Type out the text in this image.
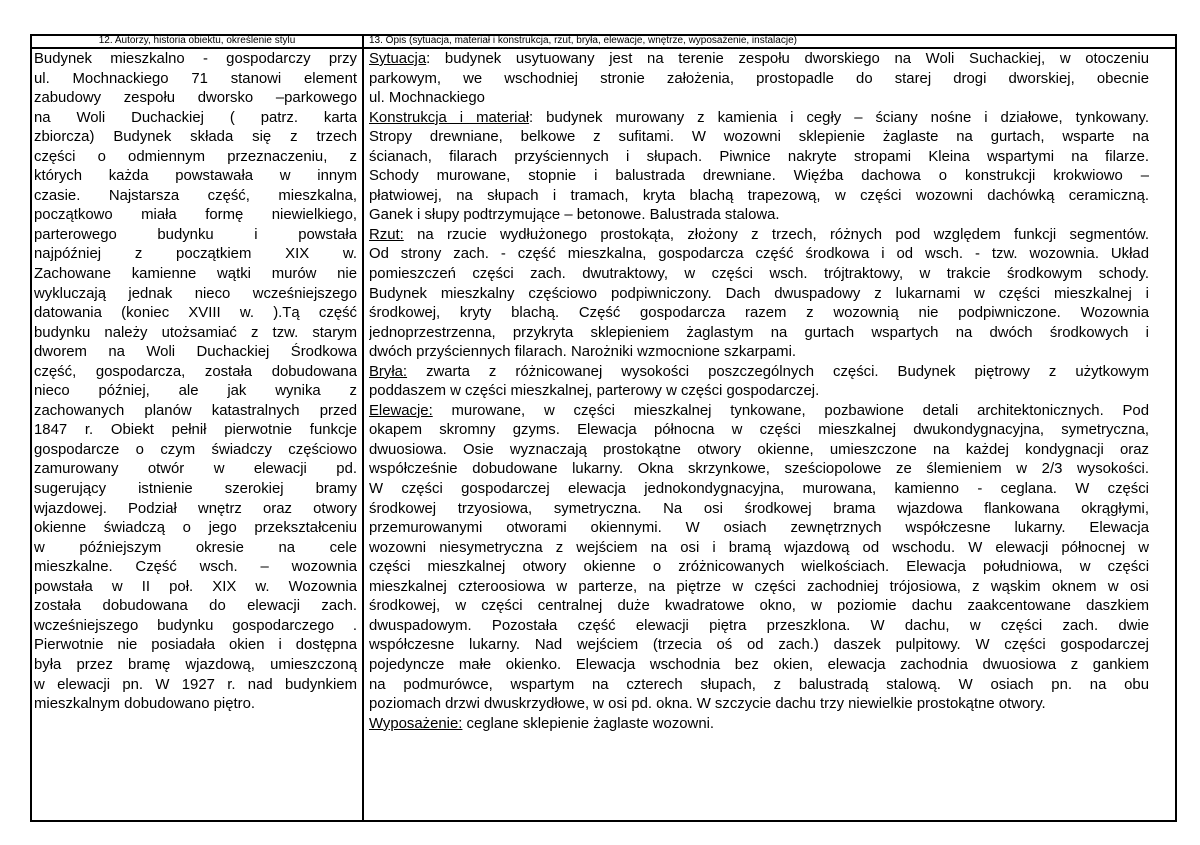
12. Autorzy, historia obiektu, określenie stylu	13. Opis (sytuacja, materiał i konstrukcja, rzut, bryła, elewacje, wnętrze, wyposażenie, instalacje)
Budynek mieszkalno - gospodarczy przy
ul. Mochnackiego 71 stanowi element
zabudowy zespołu dworsko –parkowego
na Woli Duchackiej ( patrz. karta
zbiorcza) Budynek składa się z trzech
części o odmiennym przeznaczeniu, z
których każda powstawała w innym
czasie. Najstarsza część, mieszkalna,
początkowo miała formę niewielkiego,
parterowego budynku i powstała
najpóźniej z początkiem XIX w.
Zachowane kamienne wątki murów nie
wykluczają jednak nieco wcześniejszego
datowania (koniec XVIII w. ).Tą część
budynku należy utożsamiać z tzw. starym
dworem na Woli Duchackiej Środkowa
część, gospodarcza, została dobudowana
nieco później, ale jak wynika z
zachowanych planów katastralnych przed
1847 r. Obiekt pełnił pierwotnie funkcje
gospodarcze o czym świadczy częściowo
zamurowany otwór w elewacji pd.
sugerujący istnienie szerokiej bramy
wjazdowej. Podział wnętrz oraz otwory
okienne świadczą o jego przekształceniu
w późniejszym okresie na cele
mieszkalne. Część wsch. – wozownia
powstała w II poł. XIX w. Wozownia
została dobudowana do elewacji zach.
wcześniejszego budynku gospodarczego .
Pierwotnie nie posiadała okien i dostępna
była przez bramę wjazdową, umieszczoną
w elewacji pn. W 1927 r. nad budynkiem
mieszkalnym dobudowano piętro.
Sytuacja: budynek usytuowany jest na terenie zespołu dworskiego na Woli Suchackiej, w otoczeniu
parkowym, we wschodniej stronie założenia, prostopadle do starej drogi dworskiej, obecnie
ul. Mochnackiego
Konstrukcja i materiał: budynek murowany z kamienia i cegły – ściany nośne i działowe, tynkowany.
Stropy drewniane, belkowe z sufitami. W wozowni sklepienie żaglaste na gurtach, wsparte na
ścianach, filarach przyściennych i słupach. Piwnice nakryte stropami Kleina wspartymi na filarze.
Schody murowane, stopnie i balustrada drewniane. Więźba dachowa o konstrukcji krokwiowo –
płatwiowej, na słupach i tramach, kryta blachą trapezową, w części wozowni dachówką ceramiczną.
Ganek i słupy podtrzymujące – betonowe. Balustrada stalowa.
Rzut: na rzucie wydłużonego prostokąta, złożony z trzech, różnych pod względem funkcji segmentów.
Od strony zach. - część mieszkalna, gospodarcza część środkowa i od wsch. - tzw. wozownia. Układ
pomieszczeń części zach. dwutraktowy, w części wsch. trójtraktowy, w trakcie środkowym schody.
Budynek mieszkalny częściowo podpiwniczony. Dach dwuspadowy z lukarnami w części mieszkalnej i
środkowej, kryty blachą. Część gospodarcza razem z wozownią nie podpiwniczone. Wozownia
jednoprzestrzenna, przykryta sklepieniem żaglastym na gurtach wspartych na dwóch środkowych i
dwóch przyściennych filarach. Narożniki wzmocnione szkarpami.
Bryła: zwarta z różnicowanej wysokości poszczególnych części. Budynek piętrowy z użytkowym
poddaszem w części mieszkalnej, parterowy w części gospodarczej.
Elewacje: murowane, w części mieszkalnej tynkowane, pozbawione detali architektonicznych. Pod
okapem skromny gzyms. Elewacja północna w części mieszkalnej dwukondygnacyjna, symetryczna,
dwuosiowa. Osie wyznaczają prostokątne otwory okienne, umieszczone na każdej kondygnacji oraz
współcześnie dobudowane lukarny. Okna skrzynkowe, sześciopolowe ze ślemieniem w 2/3 wysokości.
W części gospodarczej elewacja jednokondygnacyjna, murowana, kamienno - ceglana. W części
środkowej trzyosiowa, symetryczna. Na osi środkowej brama wjazdowa flankowana okrągłymi,
przemurowanymi otworami okiennymi. W osiach zewnętrznych współczesne lukarny. Elewacja
wozowni niesymetryczna z wejściem na osi i bramą wjazdową od wschodu. W elewacji północnej w
części mieszkalnej otwory okienne o zróżnicowanych wielkościach. Elewacja południowa, w części
mieszkalnej czteroosiowa w parterze, na piętrze w części zachodniej trójosiowa, z wąskim oknem w osi
środkowej, w części centralnej duże kwadratowe okno, w poziomie dachu zaakcentowane daszkiem
dwuspadowym. Pozostała część elewacji piętra przeszklona. W dachu, w części zach. dwie
współczesne lukarny. Nad wejściem (trzecia oś od zach.) daszek pulpitowy. W części gospodarczej
pojedyncze małe okienko. Elewacja wschodnia bez okien, elewacja zachodnia dwuosiowa z gankiem
na podmurówce, wspartym na czterech słupach, z balustradą stalową. W osiach pn. na obu
poziomach drzwi dwuskrzydłowe, w osi pd. okna. W szczycie dachu trzy niewielkie prostokątne otwory.
Wyposażenie: ceglane sklepienie żaglaste wozowni.
